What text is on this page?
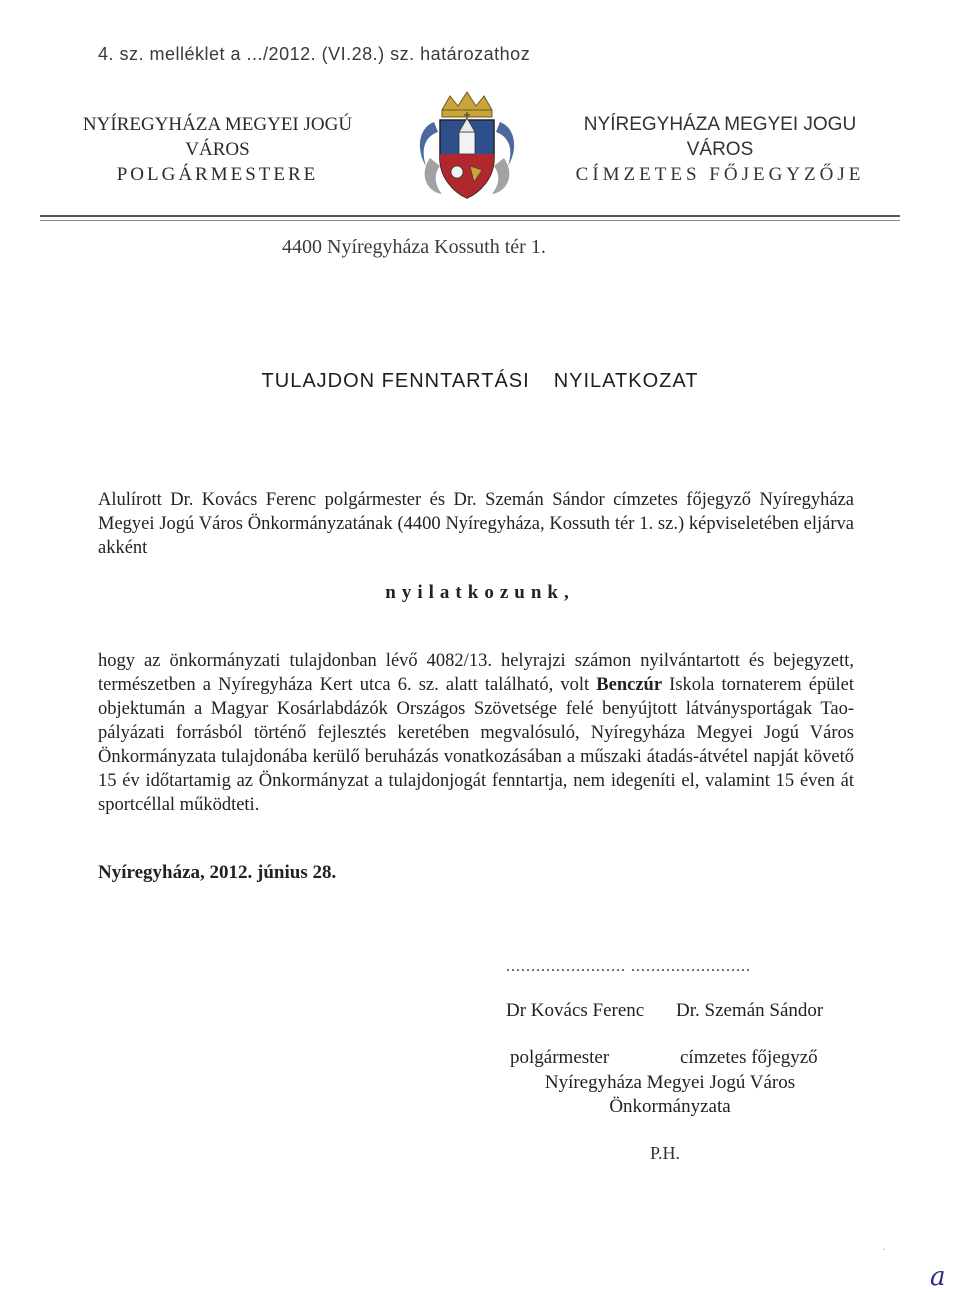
4. sz. melléklet a .../2012. (VI.28.) sz. határozathoz
NYÍREGYHÁZA MEGYEI JOGÚ
VÁROS
POLGÁRMESTERE
NYÍREGYHÁZA MEGYEI JOGU
VÁROS
CÍMZETES FŐJEGYZŐJE
4400 Nyíregyháza Kossuth tér 1.
TULAJDON FENNTARTÁSI NYILATKOZAT
Alulírott Dr. Kovács Ferenc polgármester és Dr. Szemán Sándor címzetes főjegyző Nyíregyháza Megyei Jogú Város Önkormányzatának (4400 Nyíregyháza, Kossuth tér 1. sz.) képviseletében eljárva akként
nyilatkozunk,
hogy az önkormányzati tulajdonban lévő 4082/13. helyrajzi számon nyilvántartott és bejegyzett, természetben a Nyíregyháza Kert utca 6. sz. alatt található, volt Benczúr Iskola tornaterem épület objektumán a Magyar Kosárlabdázók Országos Szövetsége felé benyújtott látványsportágak Tao-pályázati forrásból történő fejlesztés keretében megvalósuló, Nyíregyháza Megyei Jogú Város Önkormányzata tulajdonába kerülő beruházás vonatkozásában a műszaki átadás-átvétel napját követő 15 év időtartamig az Önkormányzat a tulajdonjogát fenntartja, nem idegeníti el, valamint 15 éven át sportcéllal működteti.
Nyíregyháza, 2012. június 28.
........................ ........................
Dr Kovács Ferenc Dr. Szemán Sándor
polgármester	címzetes főjegyző
Nyíregyháza Megyei Jogú Város
Önkormányzata
P.H.
·
a
